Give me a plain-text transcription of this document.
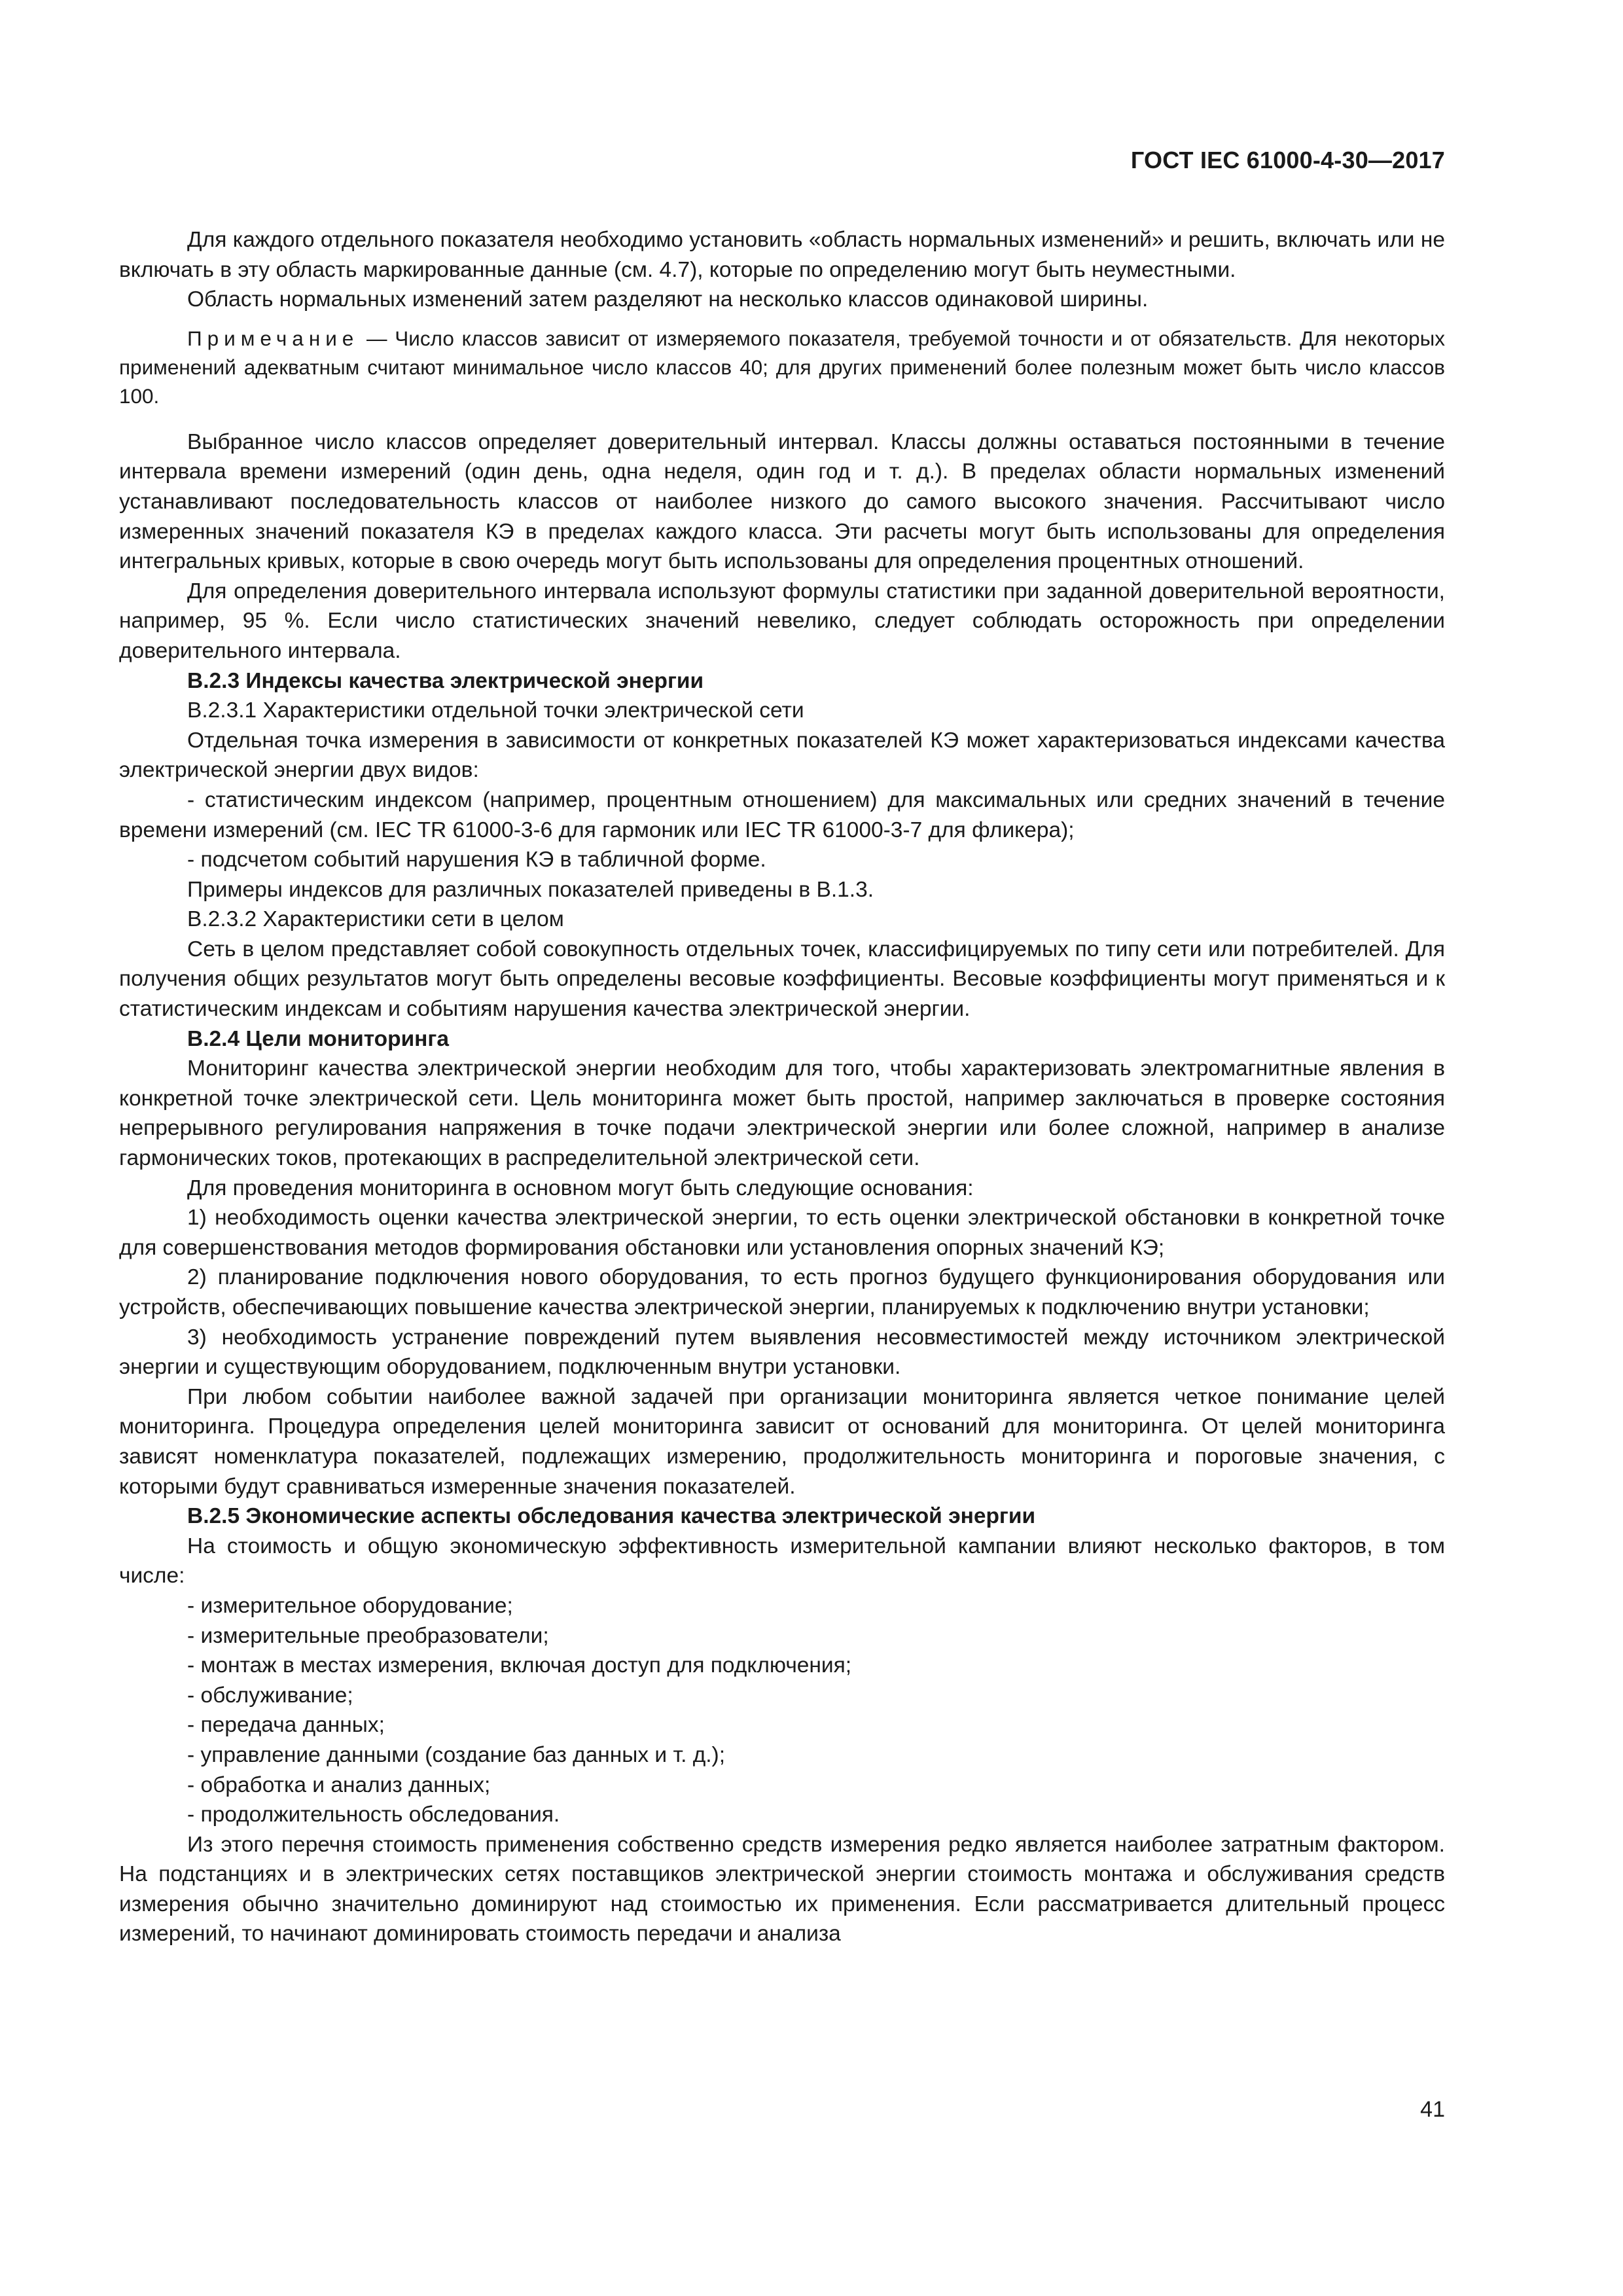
ГОСТ IEC 61000-4-30—2017

Для каждого отдельного показателя необходимо установить «область нормальных изменений» и решить, включать или не включать в эту область маркированные данные (см. 4.7), которые по определению могут быть неуместными.

Область нормальных изменений затем разделяют на несколько классов одинаковой ширины.

Примечание — Число классов зависит от измеряемого показателя, требуемой точности и от обязательств. Для некоторых применений адекватным считают минимальное число классов 40; для других применений более полезным может быть число классов 100.

Выбранное число классов определяет доверительный интервал. Классы должны оставаться постоянными в течение интервала времени измерений (один день, одна неделя, один год и т. д.). В пределах области нормальных изменений устанавливают последовательность классов от наиболее низкого до самого высокого значения. Рассчитывают число измеренных значений показателя КЭ в пределах каждого класса. Эти расчеты могут быть использованы для определения интегральных кривых, которые в свою очередь могут быть использованы для определения процентных отношений.

Для определения доверительного интервала используют формулы статистики при заданной доверительной вероятности, например, 95 %. Если число статистических значений невелико, следует соблюдать осторожность при определении доверительного интервала.

В.2.3 Индексы качества электрической энергии

В.2.3.1 Характеристики отдельной точки электрической сети

Отдельная точка измерения в зависимости от конкретных показателей КЭ может характеризоваться индексами качества электрической энергии двух видов:

- статистическим индексом (например, процентным отношением) для максимальных или средних значений в течение времени измерений (см. IEC TR 61000-3-6 для гармоник или IEC TR 61000-3-7 для фликера);

- подсчетом событий нарушения КЭ в табличной форме.

Примеры индексов для различных показателей приведены в В.1.3.

В.2.3.2 Характеристики сети в целом

Сеть в целом представляет собой совокупность отдельных точек, классифицируемых по типу сети или потребителей. Для получения общих результатов могут быть определены весовые коэффициенты. Весовые коэффициенты могут применяться и к статистическим индексам и событиям нарушения качества электрической энергии.

В.2.4 Цели мониторинга

Мониторинг качества электрической энергии необходим для того, чтобы характеризовать электромагнитные явления в конкретной точке электрической сети. Цель мониторинга может быть простой, например заключаться в проверке состояния непрерывного регулирования напряжения в точке подачи электрической энергии или более сложной, например в анализе гармонических токов, протекающих в распределительной электрической сети.

Для проведения мониторинга в основном могут быть следующие основания:

1) необходимость оценки качества электрической энергии, то есть оценки электрической обстановки в конкретной точке для совершенствования методов формирования обстановки или установления опорных значений КЭ;

2) планирование подключения нового оборудования, то есть прогноз будущего функционирования оборудования или устройств, обеспечивающих повышение качества электрической энергии, планируемых к подключению внутри установки;

3) необходимость устранение повреждений путем выявления несовместимостей между источником электрической энергии и существующим оборудованием, подключенным внутри установки.

При любом событии наиболее важной задачей при организации мониторинга является четкое понимание целей мониторинга. Процедура определения целей мониторинга зависит от оснований для мониторинга. От целей мониторинга зависят номенклатура показателей, подлежащих измерению, продолжительность мониторинга и пороговые значения, с которыми будут сравниваться измеренные значения показателей.

В.2.5 Экономические аспекты обследования качества электрической энергии

На стоимость и общую экономическую эффективность измерительной кампании влияют несколько факторов, в том числе:

- измерительное оборудование;

- измерительные преобразователи;

- монтаж в местах измерения, включая доступ для подключения;

- обслуживание;

- передача данных;

- управление данными (создание баз данных и т. д.);

- обработка и анализ данных;

- продолжительность обследования.

Из этого перечня стоимость применения собственно средств измерения редко является наиболее затратным фактором. На подстанциях и в электрических сетях поставщиков электрической энергии стоимость монтажа и обслуживания средств измерения обычно значительно доминируют над стоимостью их применения. Если рассматривается длительный процесс измерений, то начинают доминировать стоимость передачи и анализа

41
